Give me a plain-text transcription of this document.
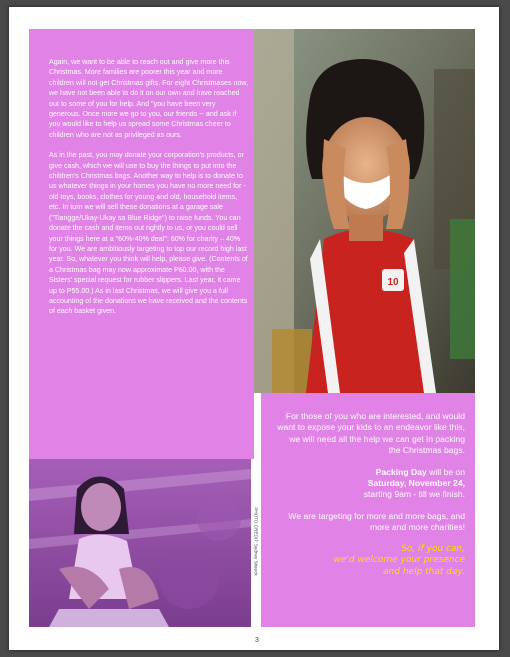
Again, we want to be able to reach out and give more this Christmas. More families are poorer this year and more children will not get Christmas gifts. For eight Christmases now, we have not been able to do it on our own and have reached out to some of you for help. And "you have been very generous. Once more we go to you, our friends -- and ask if you would like to help us spread some Christmas cheer to children who are not as privileged as ours.

As in the past, you may donate your corporation's products, or give cash, which we will use to buy the things to put into the children's Christmas bags. Another way to help is to donate to us whatever things in your homes you have no more need for - old toys, books, clothes for young and old, household items, etc. In turn we will sell these donations at a garage sale ("Tiangge/Ukay-Ukay sa Blue Ridge") to raise funds. You can donate the cash and items out rightly to us, or you could sell your things here at a "60%-40% deal": 60% for charity – 40% for you. We are ambitiously targeting to top our record high last year. So, whatever you think will help, please give. (Contents of a Christmas bag may now approximate P60.00, with the Sisters' special request for rubber slippers. Last year, it came up to P55.00.) As in last Christmas, we will give you a full accounting of the donations we have received and the contents of each basket given.

10
PHOTO CREDIT: Sydney Siteeck

For those of you who are interested, and would want to expose your kids to an endeavor like this, we will need all the help we can get in packing the Christmas bags.

Packing Day will be on
Saturday, November 24,
starting 9am - till we finish.

We are targeting for more and more bags, and more and more charities!

So, if you can,
we'd welcome your presence
and help that day.

3
